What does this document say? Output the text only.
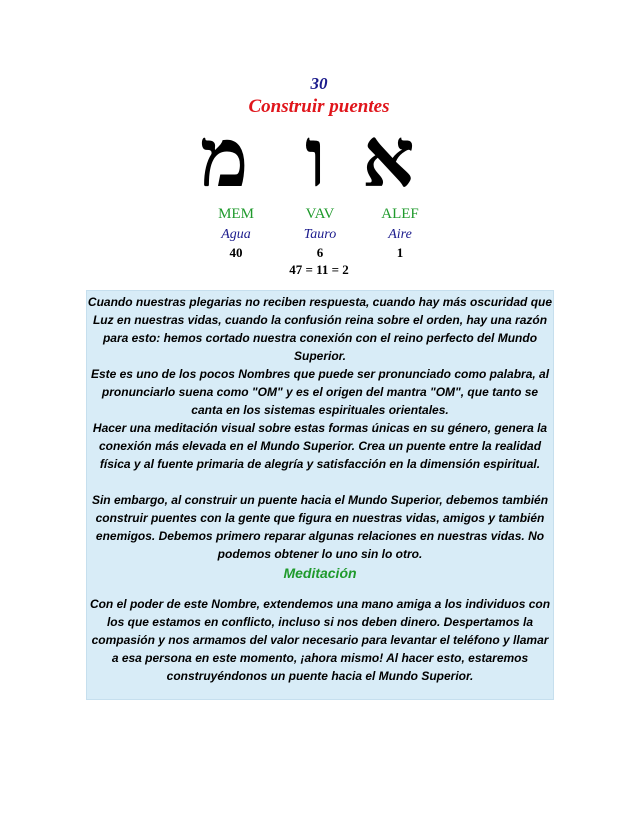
30
Construir puentes
מ ו א
MEM	VAV	ALEF
Agua	Tauro	Aire
40	6	1
47 = 11 = 2

Cuando nuestras plegarias no reciben respuesta, cuando hay más oscuridad que Luz en nuestras vidas, cuando la confusión reina sobre el orden, hay una razón para esto: hemos cortado nuestra conexión con el reino perfecto del Mundo Superior.

Este es uno de los pocos Nombres que puede ser pronunciado como palabra, al pronunciarlo suena como "OM" y es el origen del mantra "OM", que tanto se canta en los sistemas espirituales orientales.

Hacer una meditación visual sobre estas formas únicas en su género, genera la conexión más elevada en el Mundo Superior. Crea un puente entre la realidad física y al fuente primaria de alegría y satisfacción en la dimensión espiritual.

Sin embargo, al construir un puente hacia el Mundo Superior, debemos también construir puentes con la gente que figura en nuestras vidas, amigos y también enemigos. Debemos primero reparar algunas relaciones en nuestras vidas. No podemos obtener lo uno sin lo otro.

Meditación

Con el poder de este Nombre, extendemos una mano amiga a los individuos con los que estamos en conflicto, incluso si nos deben dinero. Despertamos la compasión y nos armamos del valor necesario para levantar el teléfono y llamar a esa persona en este momento, ¡ahora mismo! Al hacer esto, estaremos construyéndonos un puente hacia el Mundo Superior.
